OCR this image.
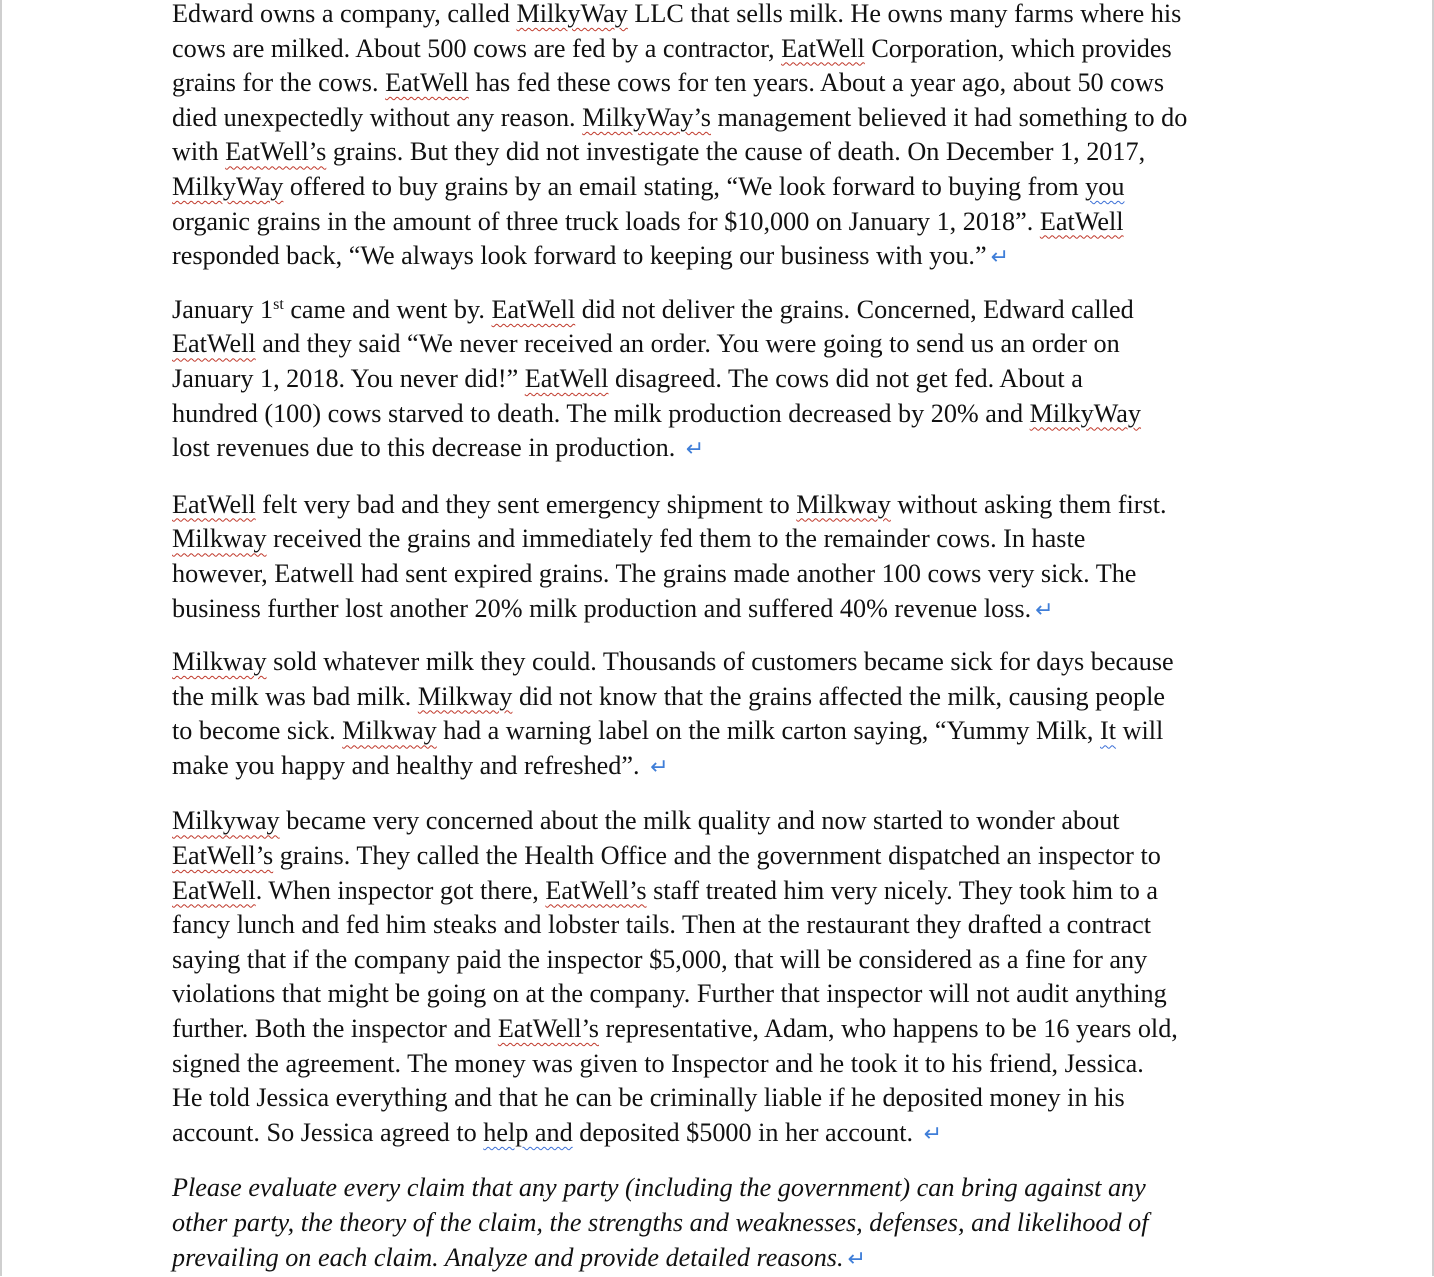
Edward owns a company, called MilkyWay LLC that sells milk. He owns many farms where his
cows are milked. About 500 cows are fed by a contractor, EatWell Corporation, which provides
grains for the cows. EatWell has fed these cows for ten years. About a year ago, about 50 cows
died unexpectedly without any reason. MilkyWay’s management believed it had something to do
with EatWell’s grains. But they did not investigate the cause of death. On December 1, 2017,
MilkyWay offered to buy grains by an email stating, “We look forward to buying from you
organic grains in the amount of three truck loads for $10,000 on January 1, 2018”. EatWell
responded back, “We always look forward to keeping our business with you.” ↵

January 1st came and went by. EatWell did not deliver the grains. Concerned, Edward called
EatWell and they said “We never received an order. You were going to send us an order on
January 1, 2018. You never did!” EatWell disagreed. The cows did not get fed. About a
hundred (100) cows starved to death. The milk production decreased by 20% and MilkyWay
lost revenues due to this decrease in production. ↵

EatWell felt very bad and they sent emergency shipment to Milkway without asking them first.
Milkway received the grains and immediately fed them to the remainder cows. In haste
however, Eatwell had sent expired grains. The grains made another 100 cows very sick. The
business further lost another 20% milk production and suffered 40% revenue loss. ↵

Milkway sold whatever milk they could. Thousands of customers became sick for days because
the milk was bad milk. Milkway did not know that the grains affected the milk, causing people
to become sick. Milkway had a warning label on the milk carton saying, “Yummy Milk, It will
make you happy and healthy and refreshed”. ↵

Milkyway became very concerned about the milk quality and now started to wonder about
EatWell’s grains. They called the Health Office and the government dispatched an inspector to
EatWell. When inspector got there, EatWell’s staff treated him very nicely. They took him to a
fancy lunch and fed him steaks and lobster tails. Then at the restaurant they drafted a contract
saying that if the company paid the inspector $5,000, that will be considered as a fine for any
violations that might be going on at the company. Further that inspector will not audit anything
further. Both the inspector and EatWell’s representative, Adam, who happens to be 16 years old,
signed the agreement. The money was given to Inspector and he took it to his friend, Jessica.
He told Jessica everything and that he can be criminally liable if he deposited money in his
account. So Jessica agreed to help and deposited $5000 in her account. ↵

Please evaluate every claim that any party (including the government) can bring against any
other party, the theory of the claim, the strengths and weaknesses, defenses, and likelihood of
prevailing on each claim. Analyze and provide detailed reasons. ↵
